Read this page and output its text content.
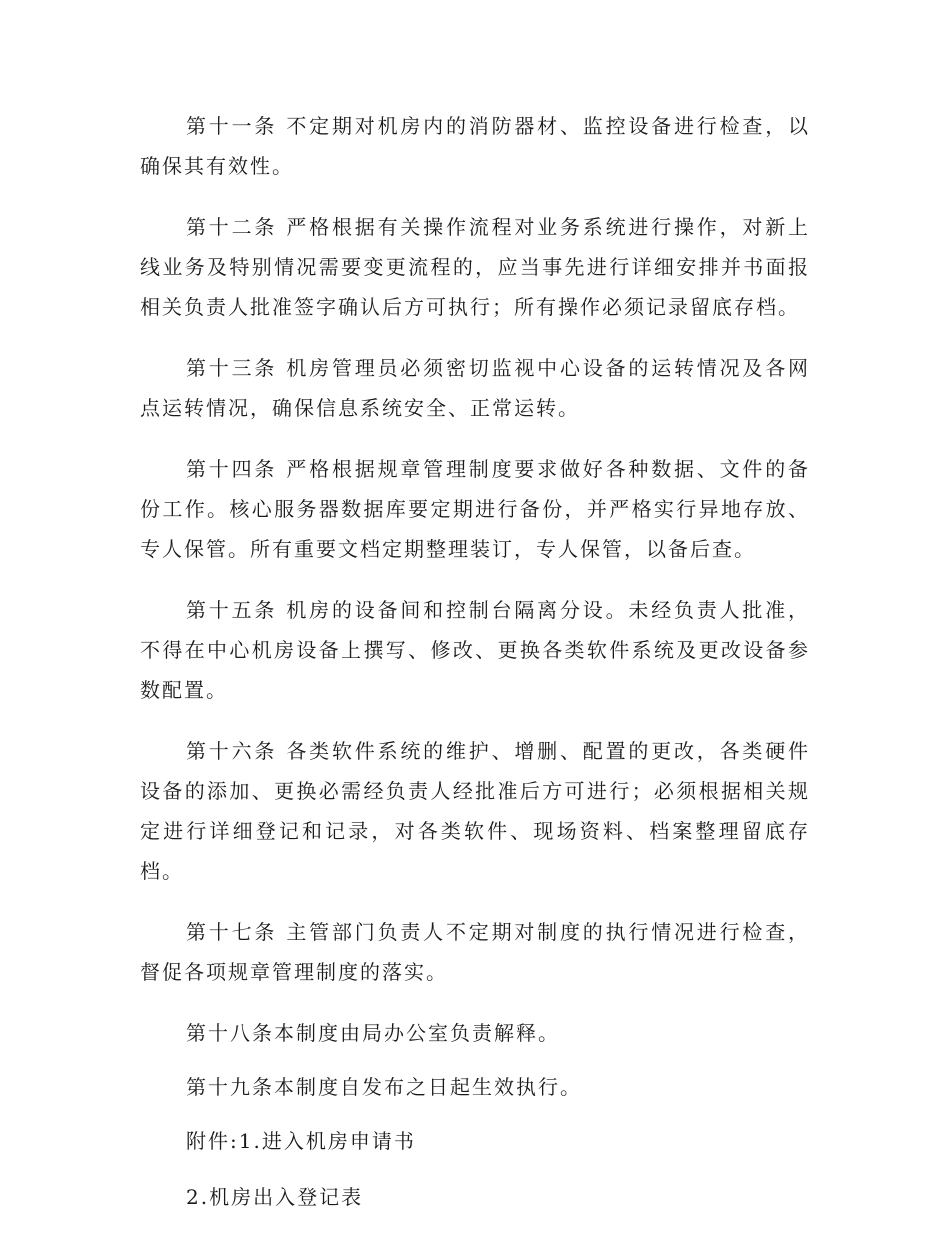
第十一条 不定期对机房内的消防器材、监控设备进行检查，以确保其有效性。

第十二条 严格根据有关操作流程对业务系统进行操作，对新上线业务及特别情况需要变更流程的，应当事先进行详细安排并书面报相关负责人批准签字确认后方可执行；所有操作必须记录留底存档。

第十三条 机房管理员必须密切监视中心设备的运转情况及各网点运转情况，确保信息系统安全、正常运转。

第十四条 严格根据规章管理制度要求做好各种数据、文件的备份工作。核心服务器数据库要定期进行备份，并严格实行异地存放、专人保管。所有重要文档定期整理装订，专人保管，以备后查。

第十五条 机房的设备间和控制台隔离分设。未经负责人批准，不得在中心机房设备上撰写、修改、更换各类软件系统及更改设备参数配置。

第十六条 各类软件系统的维护、增删、配置的更改，各类硬件设备的添加、更换必需经负责人经批准后方可进行；必须根据相关规定进行详细登记和记录，对各类软件、现场资料、档案整理留底存档。

第十七条 主管部门负责人不定期对制度的执行情况进行检查，督促各项规章管理制度的落实。

第十八条本制度由局办公室负责解释。

第十九条本制度自发布之日起生效执行。

附件:1.进入机房申请书

2.机房出入登记表
